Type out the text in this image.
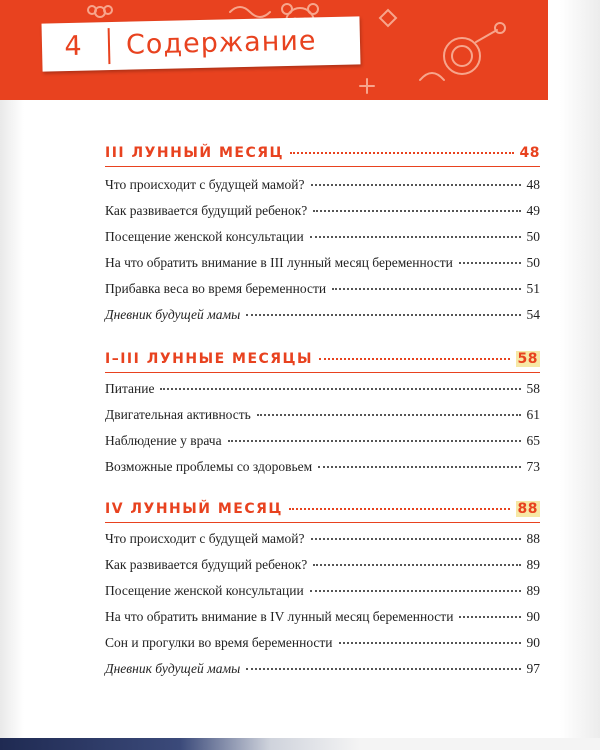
4	Содержание
III ЛУННЫЙ МЕСЯЦ	48
Что происходит с будущей мамой?	48
Как развивается будущий ребенок?	49
Посещение женской консультации	50
На что обратить внимание в III лунный месяц беременности	50
Прибавка веса во время беременности	51
Дневник будущей мамы	54
I–III ЛУННЫЕ МЕСЯЦЫ	58
Питание	58
Двигательная активность	61
Наблюдение у врача	65
Возможные проблемы со здоровьем	73
IV ЛУННЫЙ МЕСЯЦ	88
Что происходит с будущей мамой?	88
Как развивается будущий ребенок?	89
Посещение женской консультации	89
На что обратить внимание в IV лунный месяц беременности	90
Сон и прогулки во время беременности	90
Дневник будущей мамы	97
